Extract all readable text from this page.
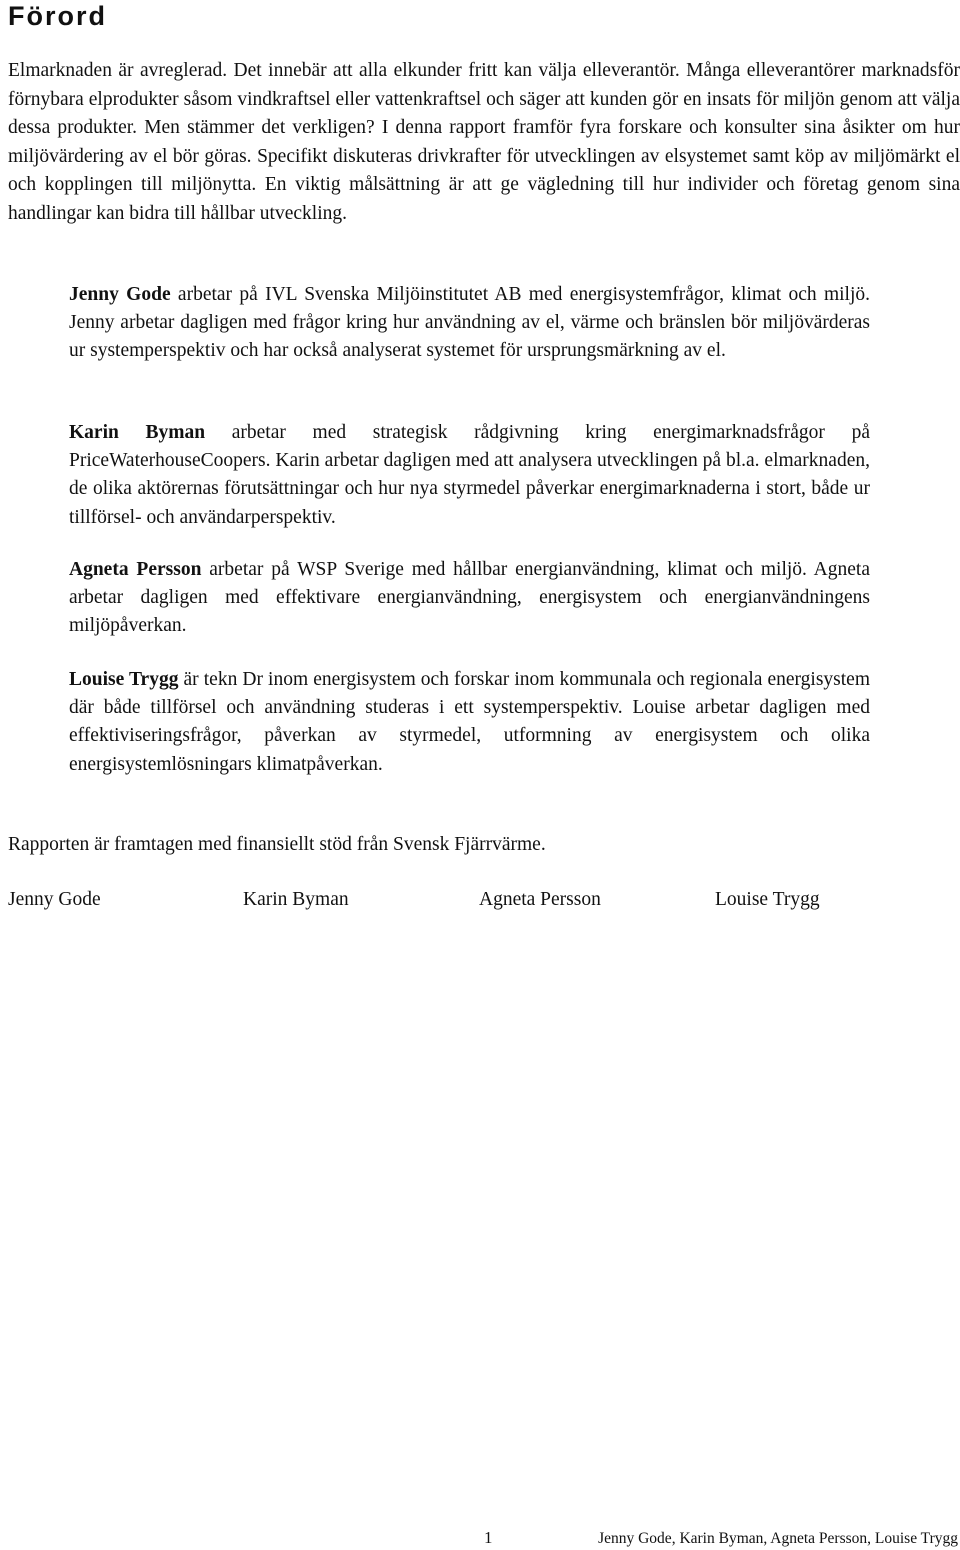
Förord

Elmarknaden är avreglerad. Det innebär att alla elkunder fritt kan välja elleverantör. Många elleverantörer marknadsför förnybara elprodukter såsom vindkraftsel eller vattenkraftsel och säger att kunden gör en insats för miljön genom att välja dessa produkter. Men stämmer det verkligen? I denna rapport framför fyra forskare och konsulter sina åsikter om hur miljövärdering av el bör göras. Specifikt diskuteras drivkrafter för utvecklingen av elsystemet samt köp av miljömärkt el och kopplingen till miljönytta. En viktig målsättning är att ge vägledning till hur individer och företag genom sina handlingar kan bidra till hållbar utveckling.

Jenny Gode arbetar på IVL Svenska Miljöinstitutet AB med energisystemfrågor, klimat och miljö. Jenny arbetar dagligen med frågor kring hur användning av el, värme och bränslen bör miljövärderas ur systemperspektiv och har också analyserat systemet för ursprungsmärkning av el.

Karin Byman arbetar med strategisk rådgivning kring energimarknadsfrågor på PriceWaterhouseCoopers. Karin arbetar dagligen med att analysera utvecklingen på bl.a. elmarknaden, de olika aktörernas förutsättningar och hur nya styrmedel påverkar energimarknaderna i stort, både ur tillförsel- och användarperspektiv.

Agneta Persson arbetar på WSP Sverige med hållbar energianvändning, klimat och miljö. Agneta arbetar dagligen med effektivare energianvändning, energisystem och energianvändningens miljöpåverkan.

Louise Trygg är tekn Dr inom energisystem och forskar inom kommunala och regionala energisystem där både tillförsel och användning studeras i ett systemperspektiv. Louise arbetar dagligen med effektiviseringsfrågor, påverkan av styrmedel, utformning av energisystem och olika energisystemlösningars klimatpåverkan.

Rapporten är framtagen med finansiellt stöd från Svensk Fjärrvärme.

Jenny Gode	Karin Byman	Agneta Persson	Louise Trygg
1	Jenny Gode, Karin Byman, Agneta Persson, Louise Trygg
